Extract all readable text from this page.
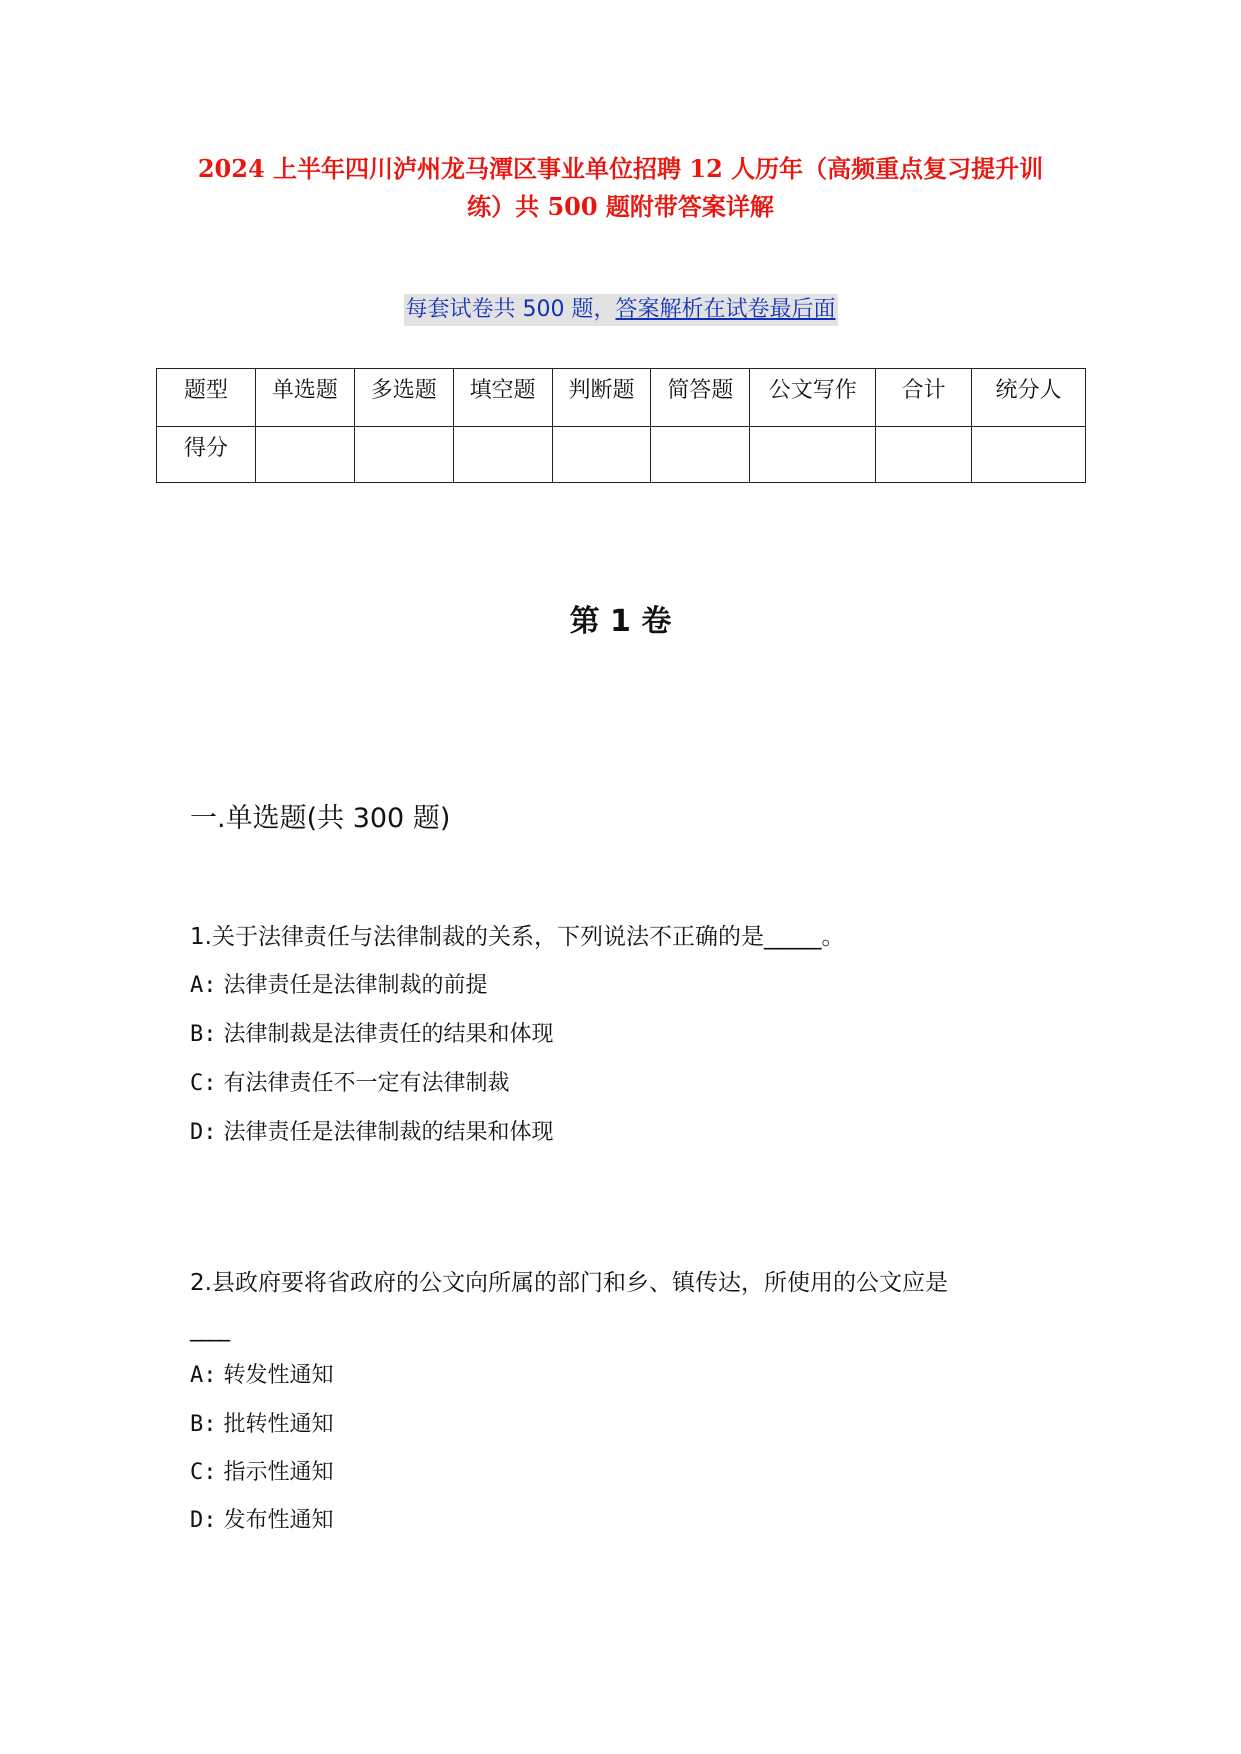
2024 上半年四川泸州龙马潭区事业单位招聘 12 人历年（高频重点复习提升训
练）共 500 题附带答案详解
每套试卷共 500 题，答案解析在试卷最后面
题型	单选题	多选题	填空题	判断题	简答题	公文写作	合计	统分人
得分								
第 1 卷
一.单选题(共 300 题)
1.关于法律责任与法律制裁的关系，下列说法不正确的是_____。
A: 法律责任是法律制裁的前提
B: 法律制裁是法律责任的结果和体现
C: 有法律责任不一定有法律制裁
D: 法律责任是法律制裁的结果和体现
2.县政府要将省政府的公文向所属的部门和乡、镇传达，所使用的公文应是
____
A: 转发性通知
B: 批转性通知
C: 指示性通知
D: 发布性通知
